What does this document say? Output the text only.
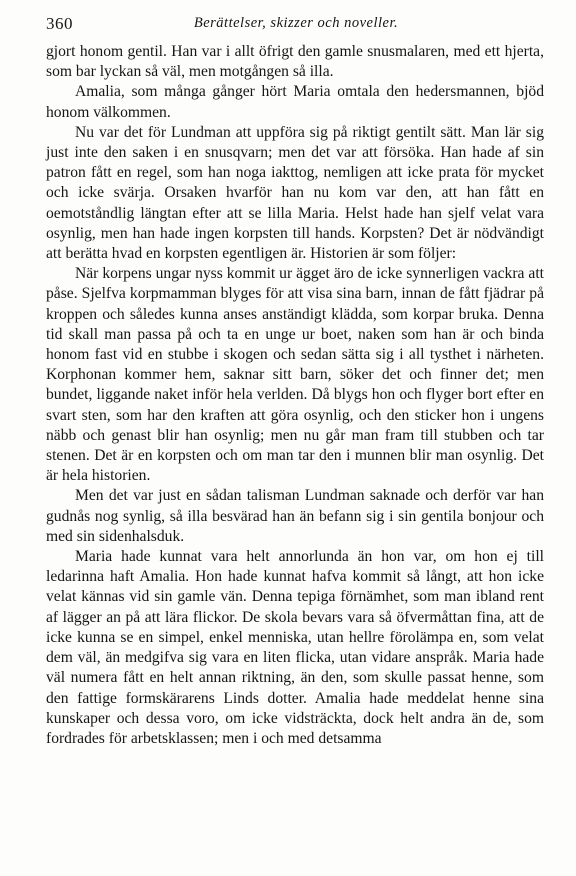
360	Berättelser, skizzer och noveller.

gjort honom gentil. Han var i allt öfrigt den gamle snusmalaren, med ett hjerta, som bar lyckan så väl, men motgången så illa.

Amalia, som många gånger hört Maria omtala den hedersmannen, bjöd honom välkommen.

Nu var det för Lundman att uppföra sig på riktigt gentilt sätt. Man lär sig just inte den saken i en snusqvarn; men det var att försöka. Han hade af sin patron fått en regel, som han noga iakttog, nemligen att icke prata för mycket och icke svärja. Orsaken hvarför han nu kom var den, att han fått en oemotståndlig längtan efter att se lilla Maria. Helst hade han sjelf velat vara osynlig, men han hade ingen korpsten till hands. Korpsten? Det är nödvändigt att berätta hvad en korpsten egentligen är. Historien är som följer:

När korpens ungar nyss kommit ur ägget äro de icke synnerligen vackra att påse. Sjelfva korpmamman blyges för att visa sina barn, innan de fått fjädrar på kroppen och således kunna anses anständigt klädda, som korpar bruka. Denna tid skall man passa på och ta en unge ur boet, naken som han är och binda honom fast vid en stubbe i skogen och sedan sätta sig i all tysthet i närheten. Korphonan kommer hem, saknar sitt barn, söker det och finner det; men bundet, liggande naket inför hela verlden. Då blygs hon och flyger bort efter en svart sten, som har den kraften att göra osynlig, och den sticker hon i ungens näbb och genast blir han osynlig; men nu går man fram till stubben och tar stenen. Det är en korpsten och om man tar den i munnen blir man osynlig. Det är hela historien.

Men det var just en sådan talisman Lundman saknade och derför var han gudnås nog synlig, så illa besvärad han än befann sig i sin gentila bonjour och med sin sidenhalsduk.

Maria hade kunnat vara helt annorlunda än hon var, om hon ej till ledarinna haft Amalia. Hon hade kunnat hafva kommit så långt, att hon icke velat kännas vid sin gamle vän. Denna tepiga förnämhet, som man ibland rent af lägger an på att lära flickor. De skola bevars vara så öfvermåttan fina, att de icke kunna se en simpel, enkel menniska, utan hellre förolämpa en, som velat dem väl, än medgifva sig vara en liten flicka, utan vidare anspråk. Maria hade väl numera fått en helt annan riktning, än den, som skulle passat henne, som den fattige formskärarens Linds dotter. Amalia hade meddelat henne sina kunskaper och dessa voro, om icke vidsträckta, dock helt andra än de, som fordrades för arbetsklassen; men i och med detsamma
